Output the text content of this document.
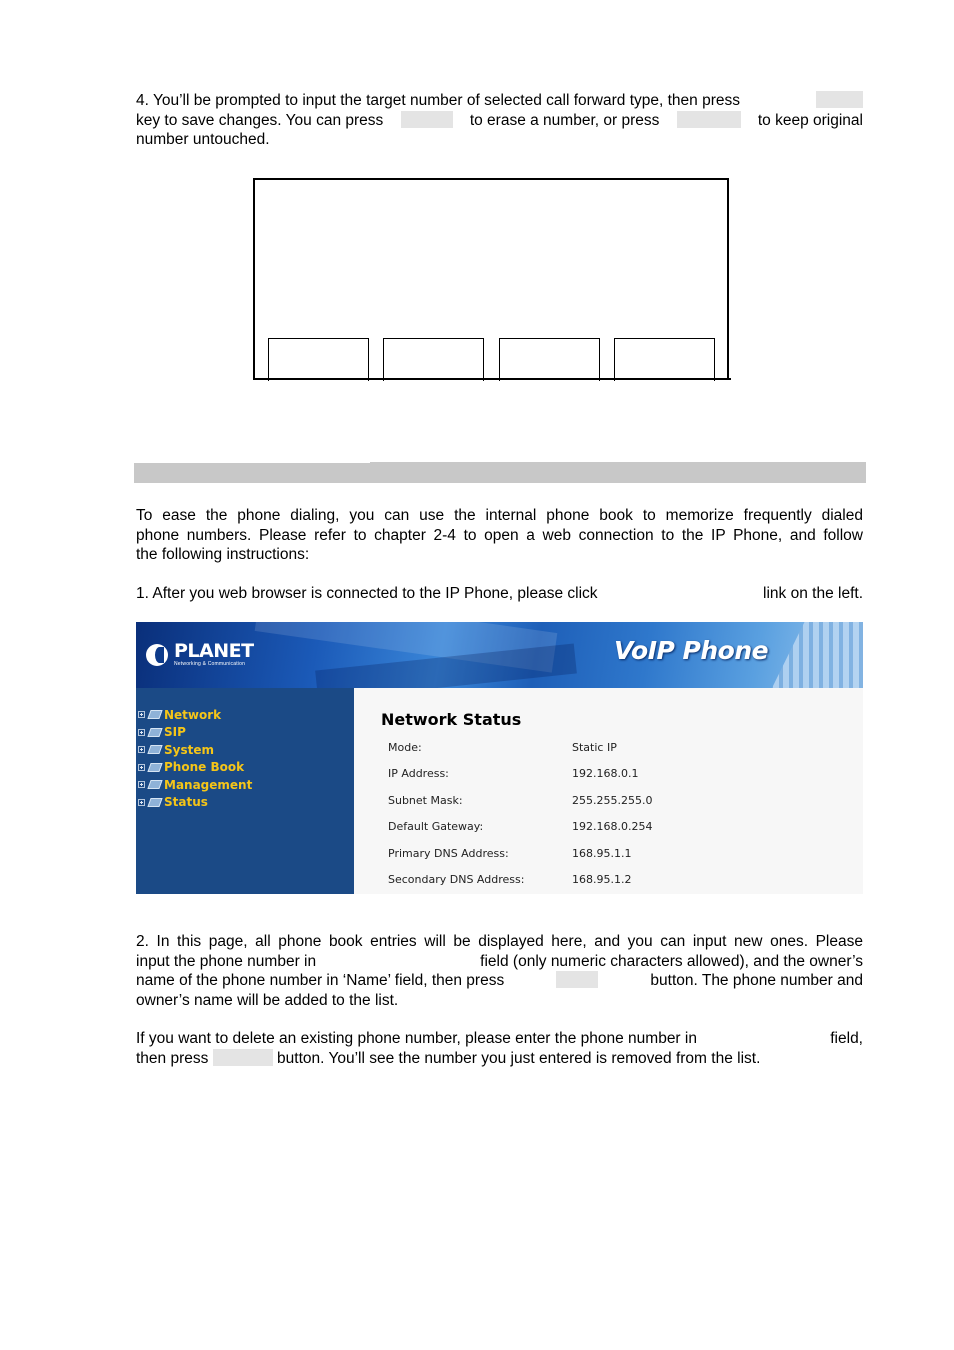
4. You’ll be prompted to input the target number of selected call forward type, then press
key to save changes. You can press	to erase a number, or press	to keep original
number untouched.
To ease the phone dialing, you can use the internal phone book to memorize frequently dialed
phone numbers. Please refer to chapter 2-4 to open a web connection to the IP Phone, and follow
the following instructions:
1. After you web browser is connected to the IP Phone, please click	link on the left.
PLANET
Networking & Communication	VoIP Phone
Network
SIP
System
Phone Book
Management
Status
Network Status
Mode:	Static IP
IP Address:	192.168.0.1
Subnet Mask:	255.255.255.0
Default Gateway:	192.168.0.254
Primary DNS Address:	168.95.1.1
Secondary DNS Address:	168.95.1.2
2. In this page, all phone book entries will be displayed here, and you can input new ones. Please
input the phone number in	field (only numeric characters allowed), and the owner’s
name of the phone number in ‘Name’ field, then press	button. The phone number and
owner’s name will be added to the list.
If you want to delete an existing phone number, please enter the phone number in	field,
then press	button. You’ll see the number you just entered is removed from the list.
